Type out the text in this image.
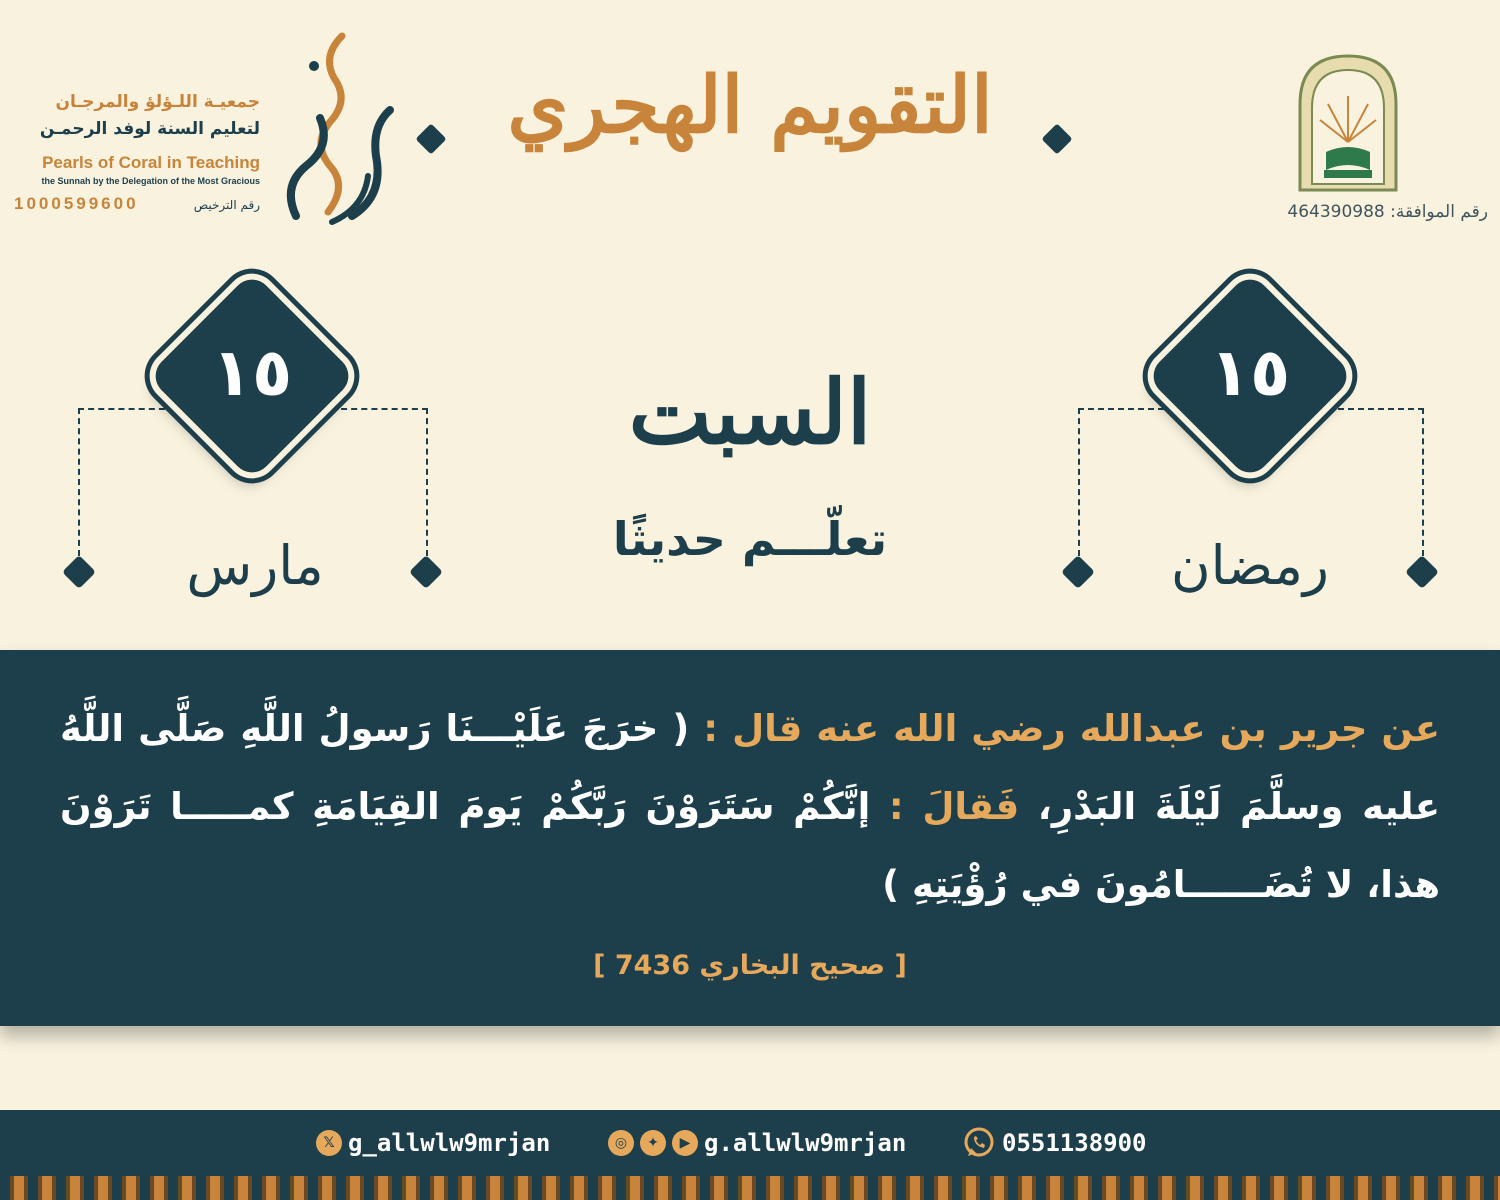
رقم الموافقة: 464390988
التقويم الهجري
جمعيـة اللـؤلؤ والمرجـان
لتعليم السنة لوفد الرحمـن
Pearls of Coral in Teaching
the Sunnah by the Delegation of the Most Gracious
1000599600	رقم الترخيص
١٥
مارس
السبت
تعلّـــم حديثًا
١٥
رمضان
عن جرير بن عبدالله رضي الله عنه قال : ( خرَجَ عَلَيْـــنَا رَسولُ اللَّهِ صَلَّى اللَّهُ عليه وسلَّمَ لَيْلَةَ البَدْرِ، فَقالَ : إنَّكُمْ سَتَرَوْنَ رَبَّكُمْ يَومَ القِيَامَةِ كمـــــا تَرَوْنَ هذا، لا تُضَــــــامُونَ في رُؤْيَتِهِ )
[ صحيح البخاري 7436 ]
𝕏 g_allwlw9mrjan	◎	✦	▶ g.allwlw9mrjan	0551138900
